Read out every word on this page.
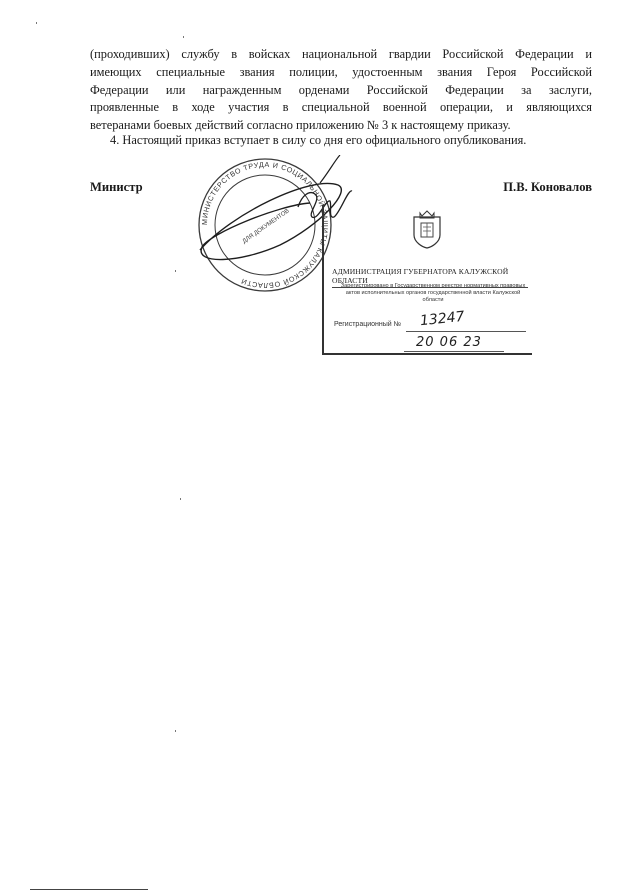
(проходивших) службу в войсках национальной гвардии Российской Федерации и
имеющих специальные звания полиции, удостоенным звания Героя Российской
Федерации или награжденным орденами Российской Федерации за заслуги,
проявленные в ходе участия в специальной военной операции, и являющихся
ветеранами боевых действий согласно приложению № 3 к настоящему приказу.
4. Настоящий приказ вступает в силу со дня его официального опубликования.
Министр	П.В. Коновалов
МИНИСТЕРСТВО ТРУДА И СОЦИАЛЬНОЙ ЗАЩИТЫ КАЛУЖСКОЙ ОБЛАСТИ
ДЛЯ ДОКУМЕНТОВ
АДМИНИСТРАЦИЯ ГУБЕРНАТОРА КАЛУЖСКОЙ ОБЛАСТИ
Зарегистрировано в Государственном реестре нормативных правовых актов исполнительных органов государственной власти Калужской области
Регистрационный № 13247
20 06 23
